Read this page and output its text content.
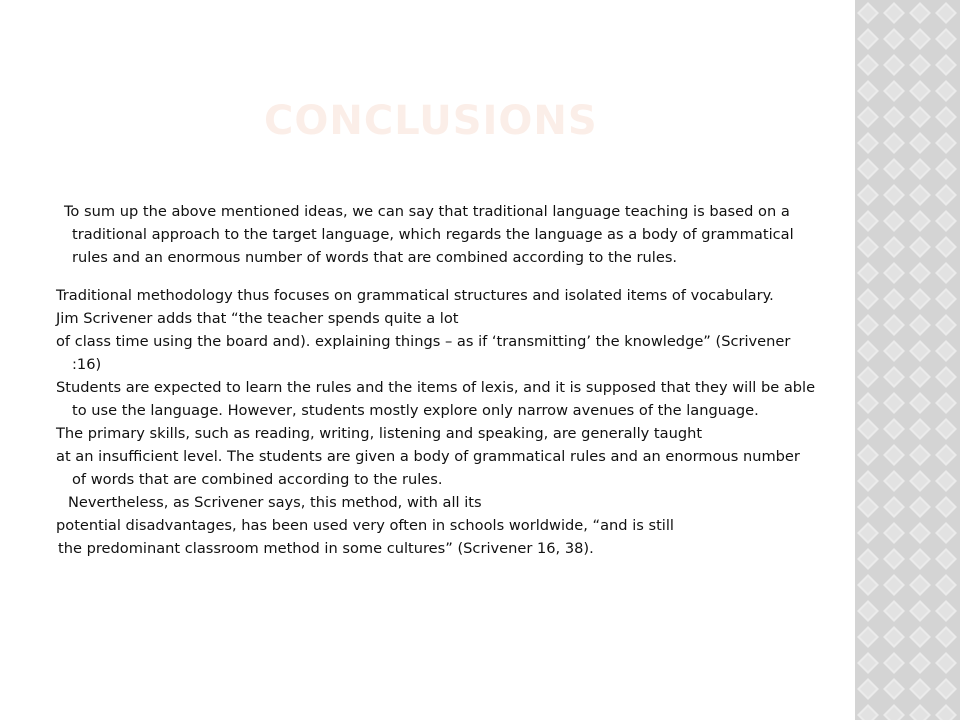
CONCLUSIONS

To sum up the above mentioned ideas, we can say that traditional language teaching is based on a traditional approach to the target language, which regards the language as a body of grammatical rules and an enormous number of words that are combined according to the rules.

Traditional methodology thus focuses on grammatical structures and isolated items of vocabulary.

Jim Scrivener adds that “the teacher spends quite a lot

of class time using the board and). explaining things – as if ‘transmitting’ the knowledge” (Scrivener :16)

Students are expected to learn the rules and the items of lexis, and it is supposed that they will be able to use the language. However, students mostly explore only narrow avenues of the language.

The primary skills, such as reading, writing, listening and speaking, are generally taught

at an insufficient level. The students are given a body of grammatical rules and an enormous number of words that are combined according to the rules.

Nevertheless, as Scrivener says, this method, with all its

potential disadvantages, has been used very often in schools worldwide, “and is still

the predominant classroom method in some cultures” (Scrivener 16, 38).
